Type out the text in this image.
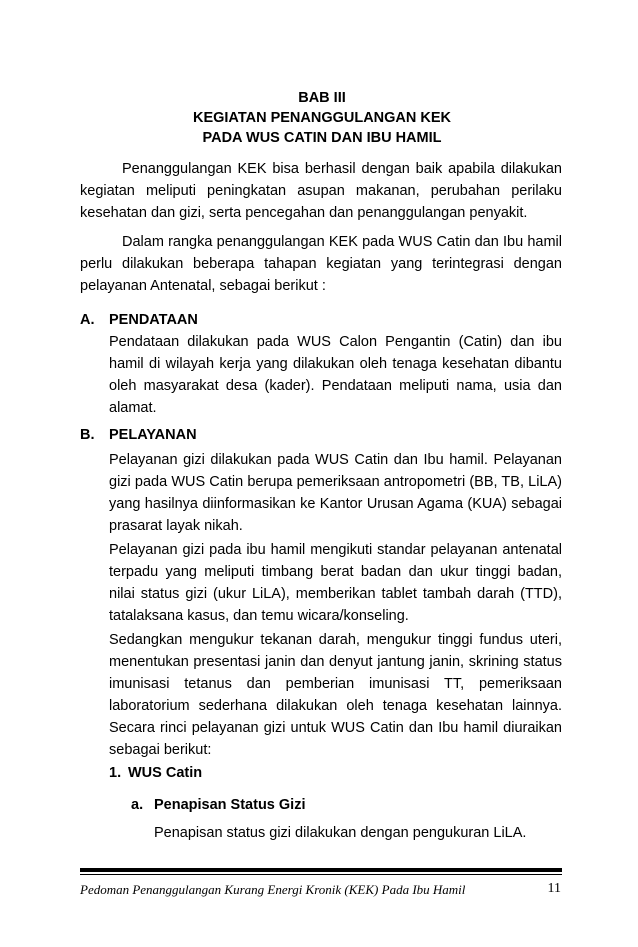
BAB III
KEGIATAN PENANGGULANGAN KEK
PADA WUS CATIN DAN IBU HAMIL

Penanggulangan KEK bisa berhasil dengan baik apabila dilakukan kegiatan meliputi peningkatan asupan makanan, perubahan perilaku kesehatan dan gizi, serta pencegahan dan penanggulangan penyakit.

Dalam rangka penanggulangan KEK pada WUS Catin dan Ibu hamil perlu dilakukan beberapa tahapan kegiatan yang terintegrasi dengan pelayanan Antenatal, sebagai berikut :

A. PENDATAAN

Pendataan dilakukan pada WUS Calon Pengantin (Catin) dan ibu hamil di wilayah kerja yang dilakukan oleh tenaga kesehatan dibantu oleh masyarakat desa (kader). Pendataan meliputi nama, usia dan alamat.

B. PELAYANAN

Pelayanan gizi dilakukan pada WUS Catin dan Ibu hamil. Pelayanan gizi pada WUS Catin berupa pemeriksaan antropometri (BB, TB, LiLA) yang hasilnya diinformasikan ke Kantor Urusan Agama (KUA) sebagai prasarat layak nikah.

Pelayanan gizi pada ibu hamil mengikuti standar pelayanan antenatal terpadu yang meliputi timbang berat badan dan ukur tinggi badan, nilai status gizi (ukur LiLA), memberikan tablet tambah darah (TTD), tatalaksana kasus, dan temu wicara/konseling.

Sedangkan mengukur tekanan darah, mengukur tinggi fundus uteri, menentukan presentasi janin dan denyut jantung janin, skrining status imunisasi tetanus dan pemberian imunisasi TT, pemeriksaan laboratorium sederhana dilakukan oleh tenaga kesehatan lainnya. Secara rinci pelayanan gizi untuk WUS Catin dan Ibu hamil diuraikan sebagai berikut:

1. WUS Catin
a. Penapisan Status Gizi

Penapisan status gizi dilakukan dengan pengukuran LiLA.

Pedoman Penanggulangan Kurang Energi Kronik (KEK) Pada Ibu Hamil	11
